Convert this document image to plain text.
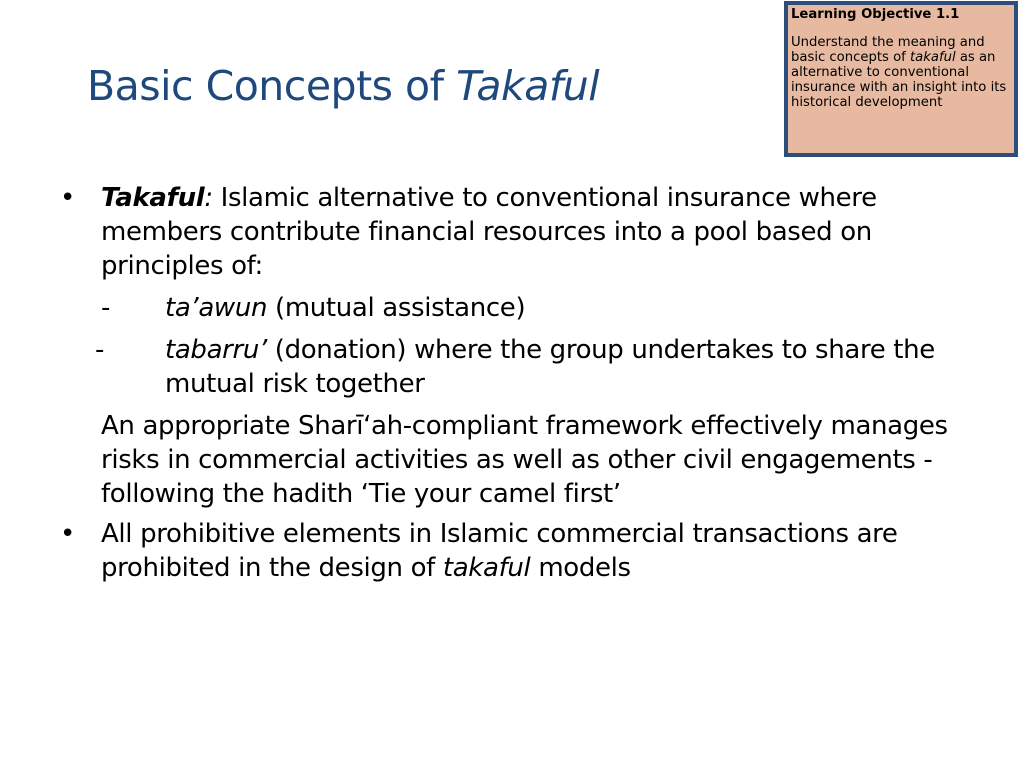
Basic Concepts of Takaful

Learning Objective 1.1

Understand the meaning and basic concepts of takaful as an alternative to conventional insurance with an insight into its historical development

•	Takaful: Islamic alternative to conventional insurance where members contribute financial resources into a pool based on principles of:

- ta’awun (mutual assistance)

- tabarru’ (donation) where the group undertakes to share the mutual risk together

An appropriate Sharī‘ah-compliant framework effectively manages risks in commercial activities as well as other civil engagements - following the hadith ‘Tie your camel first’

•	All prohibitive elements in Islamic commercial transactions are prohibited in the design of takaful models
